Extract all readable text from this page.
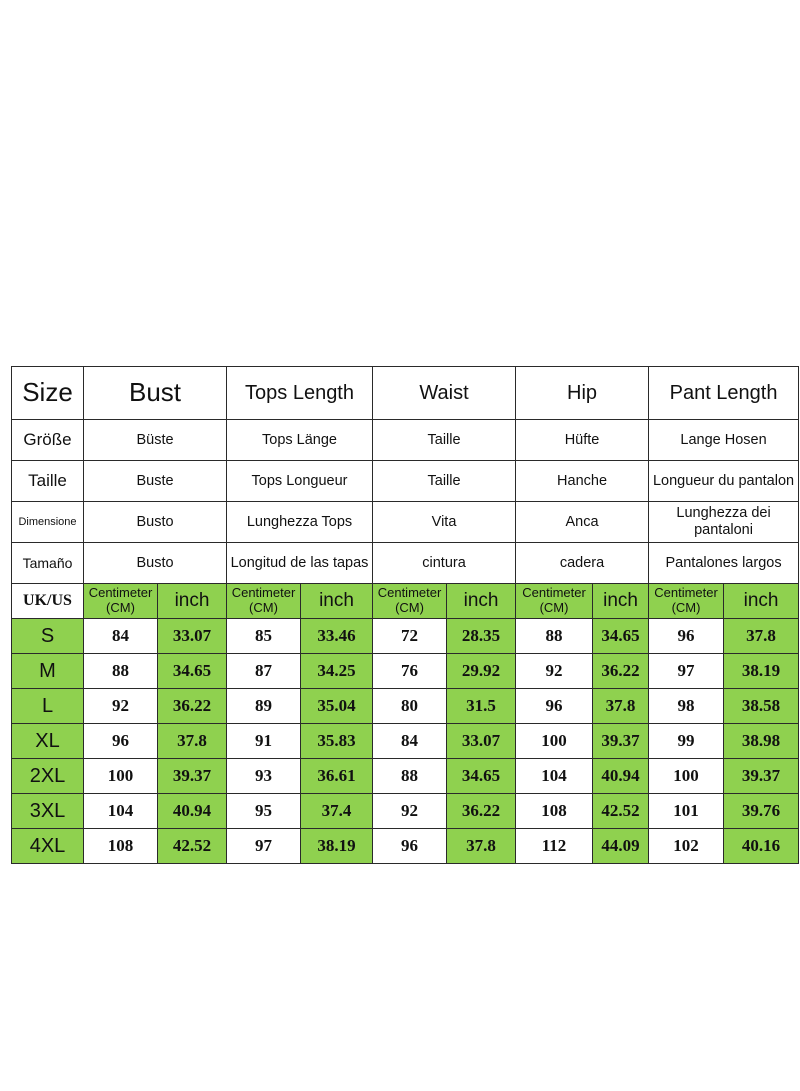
Size	Bust		Tops Length		Waist		Hip		Pant Length	
Größe	Büste		Tops Länge		Taille		Hüfte		Lange Hosen	
Taille	Buste		Tops Longueur		Taille		Hanche		Longueur du pantalon	
Dimensione	Busto		Lunghezza Tops		Vita		Anca		Lunghezza dei pantaloni	
Tamaño	Busto		Longitud de las tapas		cintura		cadera		Pantalones largos	
UK/US	Centimeter (CM)	inch	Centimeter (CM)	inch	Centimeter (CM)	inch	Centimeter (CM)	inch	Centimeter (CM)	inch
S	84	33.07	85	33.46	72	28.35	88	34.65	96	37.8
M	88	34.65	87	34.25	76	29.92	92	36.22	97	38.19
L	92	36.22	89	35.04	80	31.5	96	37.8	98	38.58
XL	96	37.8	91	35.83	84	33.07	100	39.37	99	38.98
2XL	100	39.37	93	36.61	88	34.65	104	40.94	100	39.37
3XL	104	40.94	95	37.4	92	36.22	108	42.52	101	39.76
4XL	108	42.52	97	38.19	96	37.8	112	44.09	102	40.16
